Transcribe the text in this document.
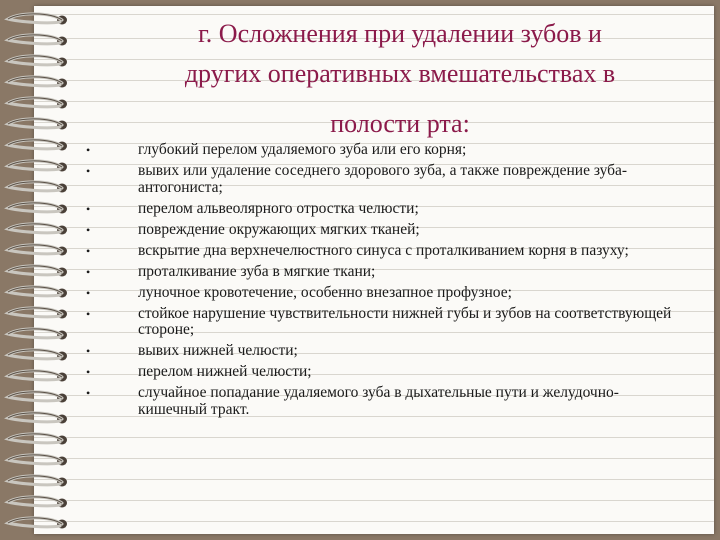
г. Осложнения при удалении зубов и
других оперативных вмешательствах в
полости рта:
•	глубокий перелом удаляемого зуба или его корня;
•	вывих или удаление соседнего здорового зуба, а также повреждение зуба-антогониста;
•	перелом альвеолярного отростка челюсти;
•	повреждение окружающих мягких тканей;
•	вскрытие дна верхнечелюстного синуса с проталкиванием корня в пазуху;
•	проталкивание зуба в мягкие ткани;
•	луночное кровотечение, особенно внезапное профузное;
•	стойкое нарушение чувствительности нижней губы и зубов на соответствующей стороне;
•	вывих нижней челюсти;
•	перелом нижней челюсти;
•	случайное попадание удаляемого зуба в дыхательные пути и желудочно-кишечный тракт.
